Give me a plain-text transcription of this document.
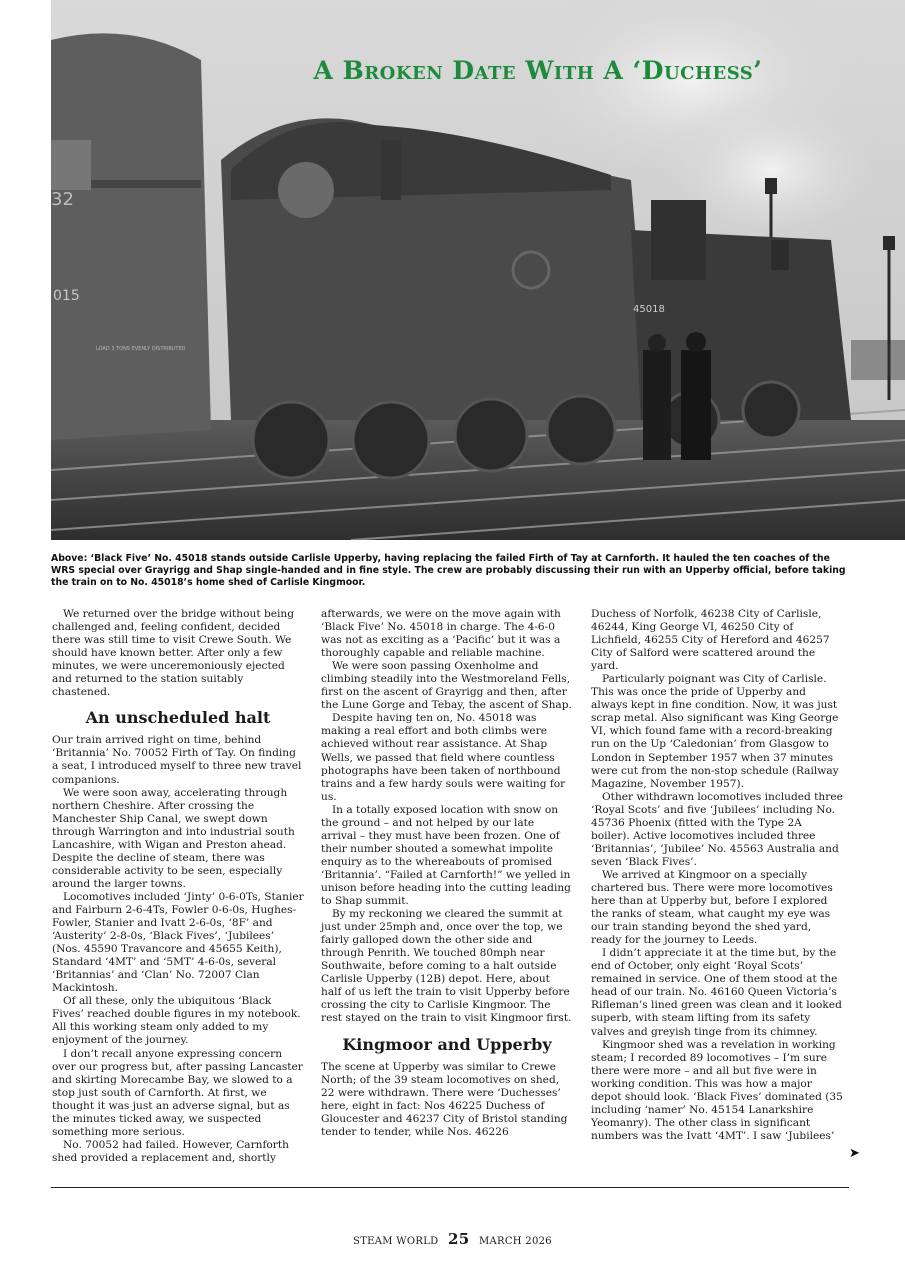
32
015
LOAD 3 TONS EVENLY DISTRIBUTED
45018
A Broken Date With A ‘Duchess’
Above: ‘Black Five’ No. 45018 stands outside Carlisle Upperby, having replacing the failed Firth of Tay at Carnforth. It hauled the ten coaches of the WRS special over Grayrigg and Shap single-handed and in fine style. The crew are probably discussing their run with an Upperby official, before taking the train on to No. 45018’s home shed of Carlisle Kingmoor.

We returned over the bridge without being challenged and, feeling confident, decided there was still time to visit Crewe South. We should have known better. After only a few minutes, we were unceremoniously ejected and returned to the station suitably chastened.

An unscheduled halt

Our train arrived right on time, behind ‘Britannia’ No. 70052 Firth of Tay. On finding a seat, I introduced myself to three new travel companions.

We were soon away, accelerating through northern Cheshire. After crossing the Manchester Ship Canal, we swept down through Warrington and into industrial south Lancashire, with Wigan and Preston ahead. Despite the decline of steam, there was considerable activity to be seen, especially around the larger towns.

Locomotives included ‘Jinty’ 0-6-0Ts, Stanier and Fairburn 2-6-4Ts, Fowler 0-6-0s, Hughes-Fowler, Stanier and Ivatt 2-6-0s, ‘8F’ and ‘Austerity’ 2-8-0s, ‘Black Fives’, ‘Jubilees’ (Nos. 45590 Travancore and 45655 Keith), Standard ‘4MT’ and ‘5MT’ 4-6-0s, several ‘Britannias’ and ‘Clan’ No. 72007 Clan Mackintosh.

Of all these, only the ubiquitous ‘Black Fives’ reached double figures in my notebook. All this working steam only added to my enjoyment of the journey.

I don’t recall anyone expressing concern over our progress but, after passing Lancaster and skirting Morecambe Bay, we slowed to a stop just south of Carnforth. At first, we thought it was just an adverse signal, but as the minutes ticked away, we suspected something more serious.

No. 70052 had failed. However, Carnforth shed provided a replacement and, shortly

afterwards, we were on the move again with ‘Black Five’ No. 45018 in charge. The 4-6-0 was not as exciting as a ‘Pacific’ but it was a thoroughly capable and reliable machine.

We were soon passing Oxenholme and climbing steadily into the Westmoreland Fells, first on the ascent of Grayrigg and then, after the Lune Gorge and Tebay, the ascent of Shap.

Despite having ten on, No. 45018 was making a real effort and both climbs were achieved without rear assistance. At Shap Wells, we passed that field where countless photographs have been taken of northbound trains and a few hardy souls were waiting for us.

In a totally exposed location with snow on the ground – and not helped by our late arrival – they must have been frozen. One of their number shouted a somewhat impolite enquiry as to the whereabouts of promised ‘Britannia’. “Failed at Carnforth!” we yelled in unison before heading into the cutting leading to Shap summit.

By my reckoning we cleared the summit at just under 25mph and, once over the top, we fairly galloped down the other side and through Penrith. We touched 80mph near Southwaite, before coming to a halt outside Carlisle Upperby (12B) depot. Here, about half of us left the train to visit Upperby before crossing the city to Carlisle Kingmoor. The rest stayed on the train to visit Kingmoor first.

Kingmoor and Upperby

The scene at Upperby was similar to Crewe North; of the 39 steam locomotives on shed, 22 were withdrawn. There were ‘Duchesses’ here, eight in fact: Nos 46225 Duchess of Gloucester and 46237 City of Bristol standing tender to tender, while Nos. 46226

Duchess of Norfolk, 46238 City of Carlisle, 46244, King George VI, 46250 City of Lichfield, 46255 City of Hereford and 46257 City of Salford were scattered around the yard.

Particularly poignant was City of Carlisle. This was once the pride of Upperby and always kept in fine condition. Now, it was just scrap metal. Also significant was King George VI, which found fame with a record-breaking run on the Up ‘Caledonian’ from Glasgow to London in September 1957 when 37 minutes were cut from the non-stop schedule (Railway Magazine, November 1957).

Other withdrawn locomotives included three ‘Royal Scots’ and five ‘Jubilees’ including No. 45736 Phoenix (fitted with the Type 2A boiler). Active locomotives included three ‘Britannias’, ‘Jubilee’ No. 45563 Australia and seven ‘Black Fives’.

We arrived at Kingmoor on a specially chartered bus. There were more locomotives here than at Upperby but, before I explored the ranks of steam, what caught my eye was our train standing beyond the shed yard, ready for the journey to Leeds.

I didn’t appreciate it at the time but, by the end of October, only eight ‘Royal Scots’ remained in service. One of them stood at the head of our train. No. 46160 Queen Victoria’s Rifleman’s lined green was clean and it looked superb, with steam lifting from its safety valves and greyish tinge from its chimney.

Kingmoor shed was a revelation in working steam; I recorded 89 locomotives – I’m sure there were more – and all but five were in working condition. This was how a major depot should look. ‘Black Fives’ dominated (35 including ‘namer’ No. 45154 Lanarkshire Yeomanry). The other class in significant numbers was the Ivatt ‘4MT’. I saw ‘Jubilees’

➤
STEAM WORLD 25 MARCH 2026
